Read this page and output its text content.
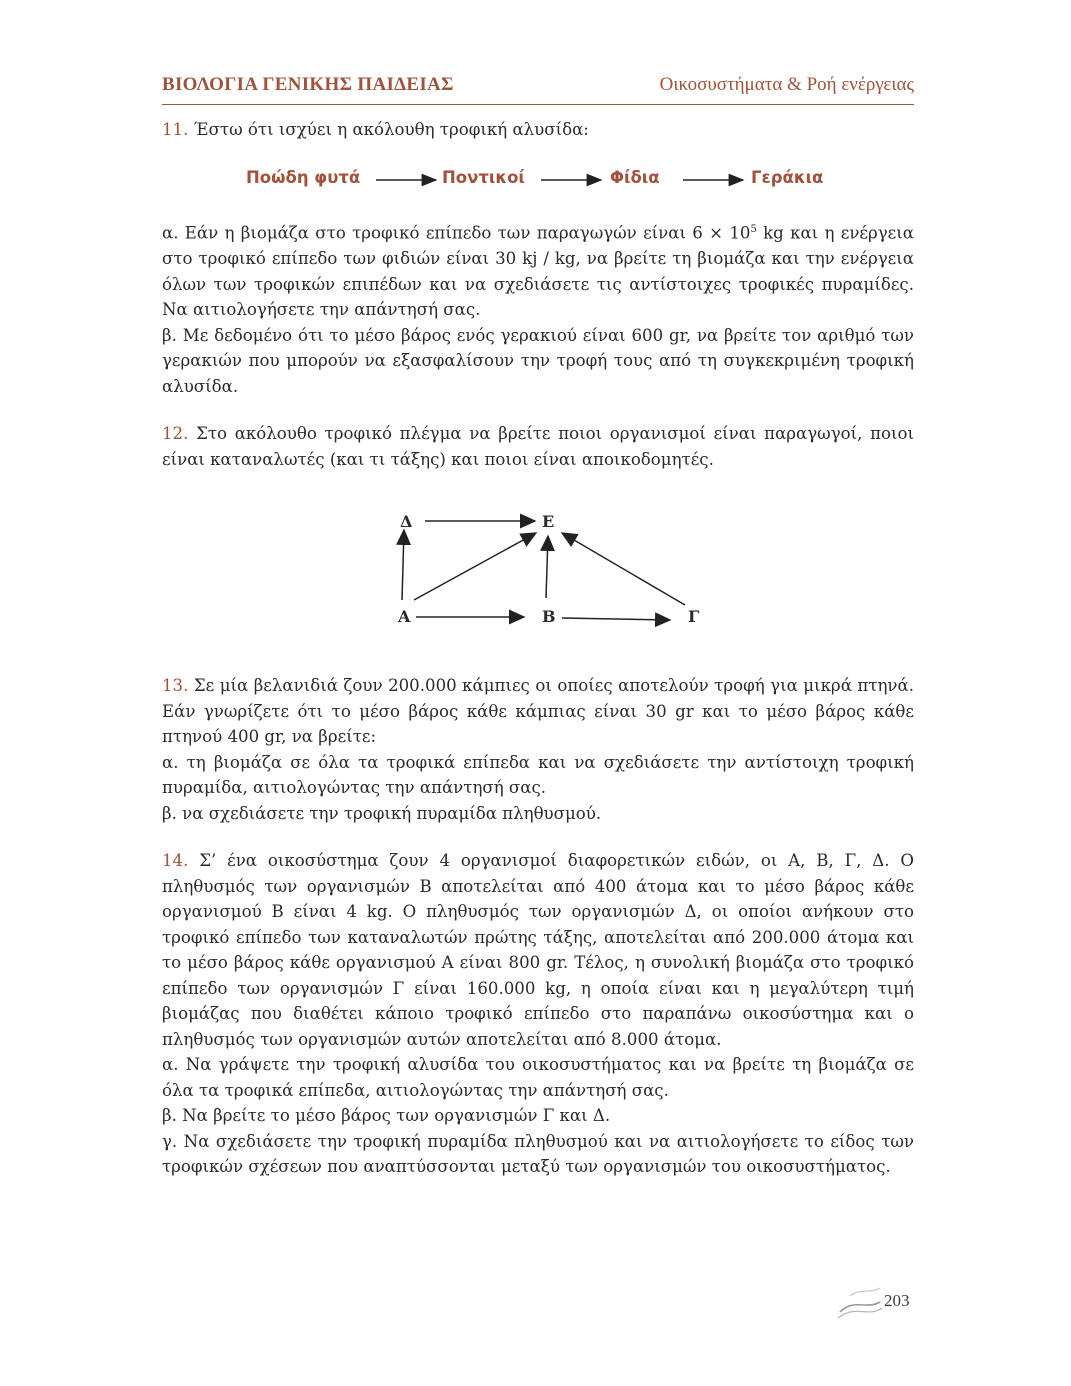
ΒΙΟΛΟΓΙΑ ΓΕΝΙΚΗΣ ΠΑΙΔΕΙΑΣ	Οικοσυστήματα & Ροή ενέργειας

11. Έστω ότι ισχύει η ακόλουθη τροφική αλυσίδα:

Ποώδη φυτά	Ποντικοί	Φίδια	Γεράκια

α. Εάν η βιομάζα στο τροφικό επίπεδο των παραγωγών είναι $6 \times 10^5$ kg και η ενέργεια στο τροφικό επίπεδο των φιδιών είναι 30 kj / kg, να βρείτε τη βιομάζα και την ενέργεια όλων των τροφικών επιπέδων και να σχεδιάσετε τις αντίστοιχες τροφικές πυραμίδες. Να αιτιολογήσετε την απάντησή σας.

β. Με δεδομένο ότι το μέσο βάρος ενός γερακιού είναι 600 gr, να βρείτε τον αριθμό των γερακιών που μπορούν να εξασφαλίσουν την τροφή τους από τη συγκεκριμένη τροφική αλυσίδα.

12. Στο ακόλουθο τροφικό πλέγμα να βρείτε ποιοι οργανισμοί είναι παραγωγοί, ποιοι είναι καταναλωτές (και τι τάξης) και ποιοι είναι αποικοδομητές.

Δ	Ε
Α	Β	Γ

13. Σε μία βελανιδιά ζουν 200.000 κάμπιες οι οποίες αποτελούν τροφή για μικρά πτηνά. Εάν γνωρίζετε ότι το μέσο βάρος κάθε κάμπιας είναι 30 gr και το μέσο βάρος κάθε πτηνού 400 gr, να βρείτε:

α. τη βιομάζα σε όλα τα τροφικά επίπεδα και να σχεδιάσετε την αντίστοιχη τροφική πυραμίδα, αιτιολογώντας την απάντησή σας.

β. να σχεδιάσετε την τροφική πυραμίδα πληθυσμού.

14. Σ’ ένα οικοσύστημα ζουν 4 οργανισμοί διαφορετικών ειδών, οι Α, Β, Γ, Δ. Ο πληθυσμός των οργανισμών Β αποτελείται από 400 άτομα και το μέσο βάρος κάθε οργανισμού Β είναι 4 kg. Ο πληθυσμός των οργανισμών Δ, οι οποίοι ανήκουν στο τροφικό επίπεδο των καταναλωτών πρώτης τάξης, αποτελείται από 200.000 άτομα και το μέσο βάρος κάθε οργανισμού Α είναι 800 gr. Τέλος, η συνολική βιομάζα στο τροφικό επίπεδο των οργανισμών Γ είναι 160.000 kg, η οποία είναι και η μεγαλύτερη τιμή βιομάζας που διαθέτει κάποιο τροφικό επίπεδο στο παραπάνω οικοσύστημα και ο πληθυσμός των οργανισμών αυτών αποτελείται από 8.000 άτομα.

α. Να γράψετε την τροφική αλυσίδα του οικοσυστήματος και να βρείτε τη βιομάζα σε όλα τα τροφικά επίπεδα, αιτιολογώντας την απάντησή σας.

β. Να βρείτε το μέσο βάρος των οργανισμών Γ και Δ.

γ. Να σχεδιάσετε την τροφική πυραμίδα πληθυσμού και να αιτιολογήσετε το είδος των τροφικών σχέσεων που αναπτύσσονται μεταξύ των οργανισμών του οικοσυστήματος.

203
